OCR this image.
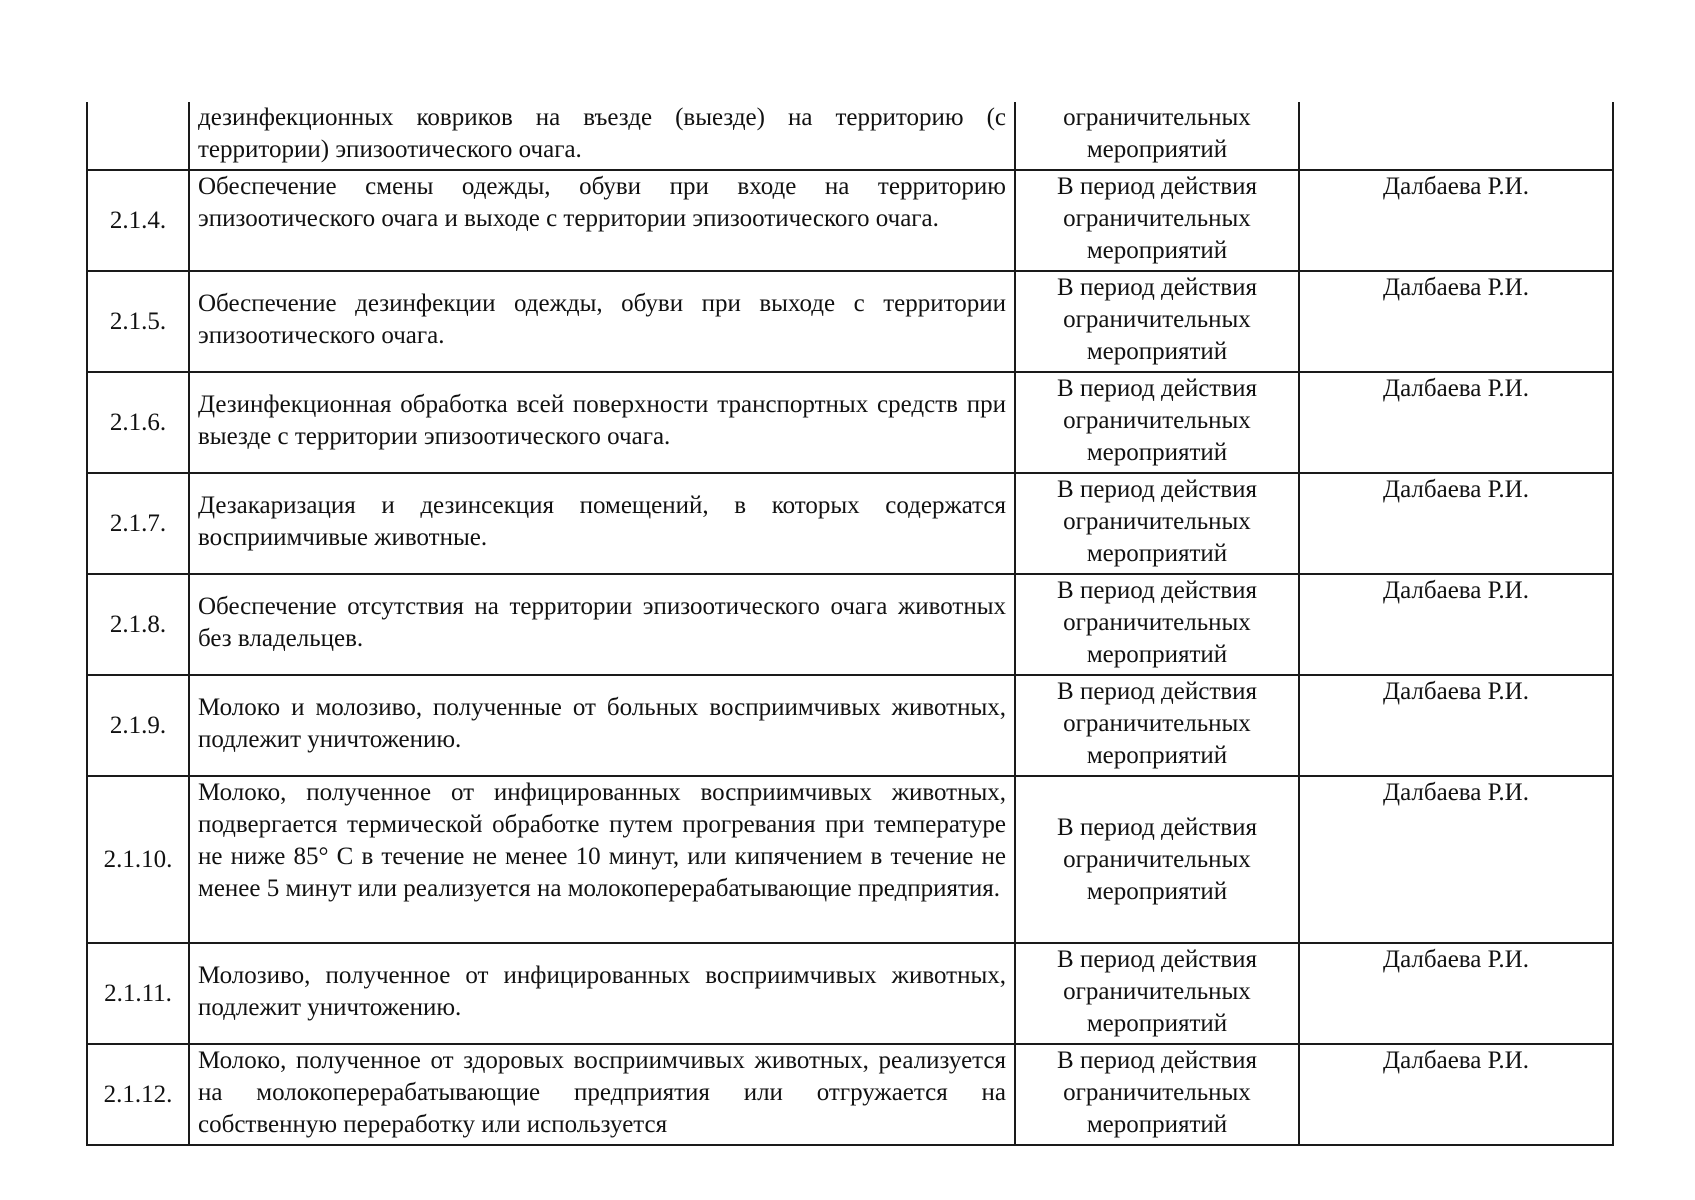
	дезинфекционных ковриков на въезде (выезде) на территорию (с территории) эпизоотического очага.	ограничительных мероприятий	
2.1.4.	Обеспечение смены одежды, обуви при входе на территорию эпизоотического очага и выходе с территории эпизоотического очага.	В период действия ограничительных мероприятий	Далбаева Р.И.
2.1.5.	Обеспечение дезинфекции одежды, обуви при выходе с территории эпизоотического очага.	В период действия ограничительных мероприятий	Далбаева Р.И.
2.1.6.	Дезинфекционная обработка всей поверхности транспортных средств при выезде с территории эпизоотического очага.	В период действия ограничительных мероприятий	Далбаева Р.И.
2.1.7.	Дезакаризация и дезинсекция помещений, в которых содержатся восприимчивые животные.	В период действия ограничительных мероприятий	Далбаева Р.И.
2.1.8.	Обеспечение отсутствия на территории эпизоотического очага животных без владельцев.	В период действия ограничительных мероприятий	Далбаева Р.И.
2.1.9.	Молоко и молозиво, полученные от больных восприимчивых животных, подлежит уничтожению.	В период действия ограничительных мероприятий	Далбаева Р.И.
2.1.10.	Молоко, полученное от инфицированных восприимчивых животных, подвергается термической обработке путем прогревания при температуре не ниже 85° С в течение не менее 10 минут, или кипячением в течение не менее 5 минут или реализуется на молокоперерабатывающие предприятия.	В период действия ограничительных мероприятий	Далбаева Р.И.
2.1.11.	Молозиво, полученное от инфицированных восприимчивых животных, подлежит уничтожению.	В период действия ограничительных мероприятий	Далбаева Р.И.
2.1.12.	Молоко, полученное от здоровых восприимчивых животных, реализуется на молокоперерабатывающие предприятия или отгружается на собственную переработку или используется	В период действия ограничительных мероприятий	Далбаева Р.И.
